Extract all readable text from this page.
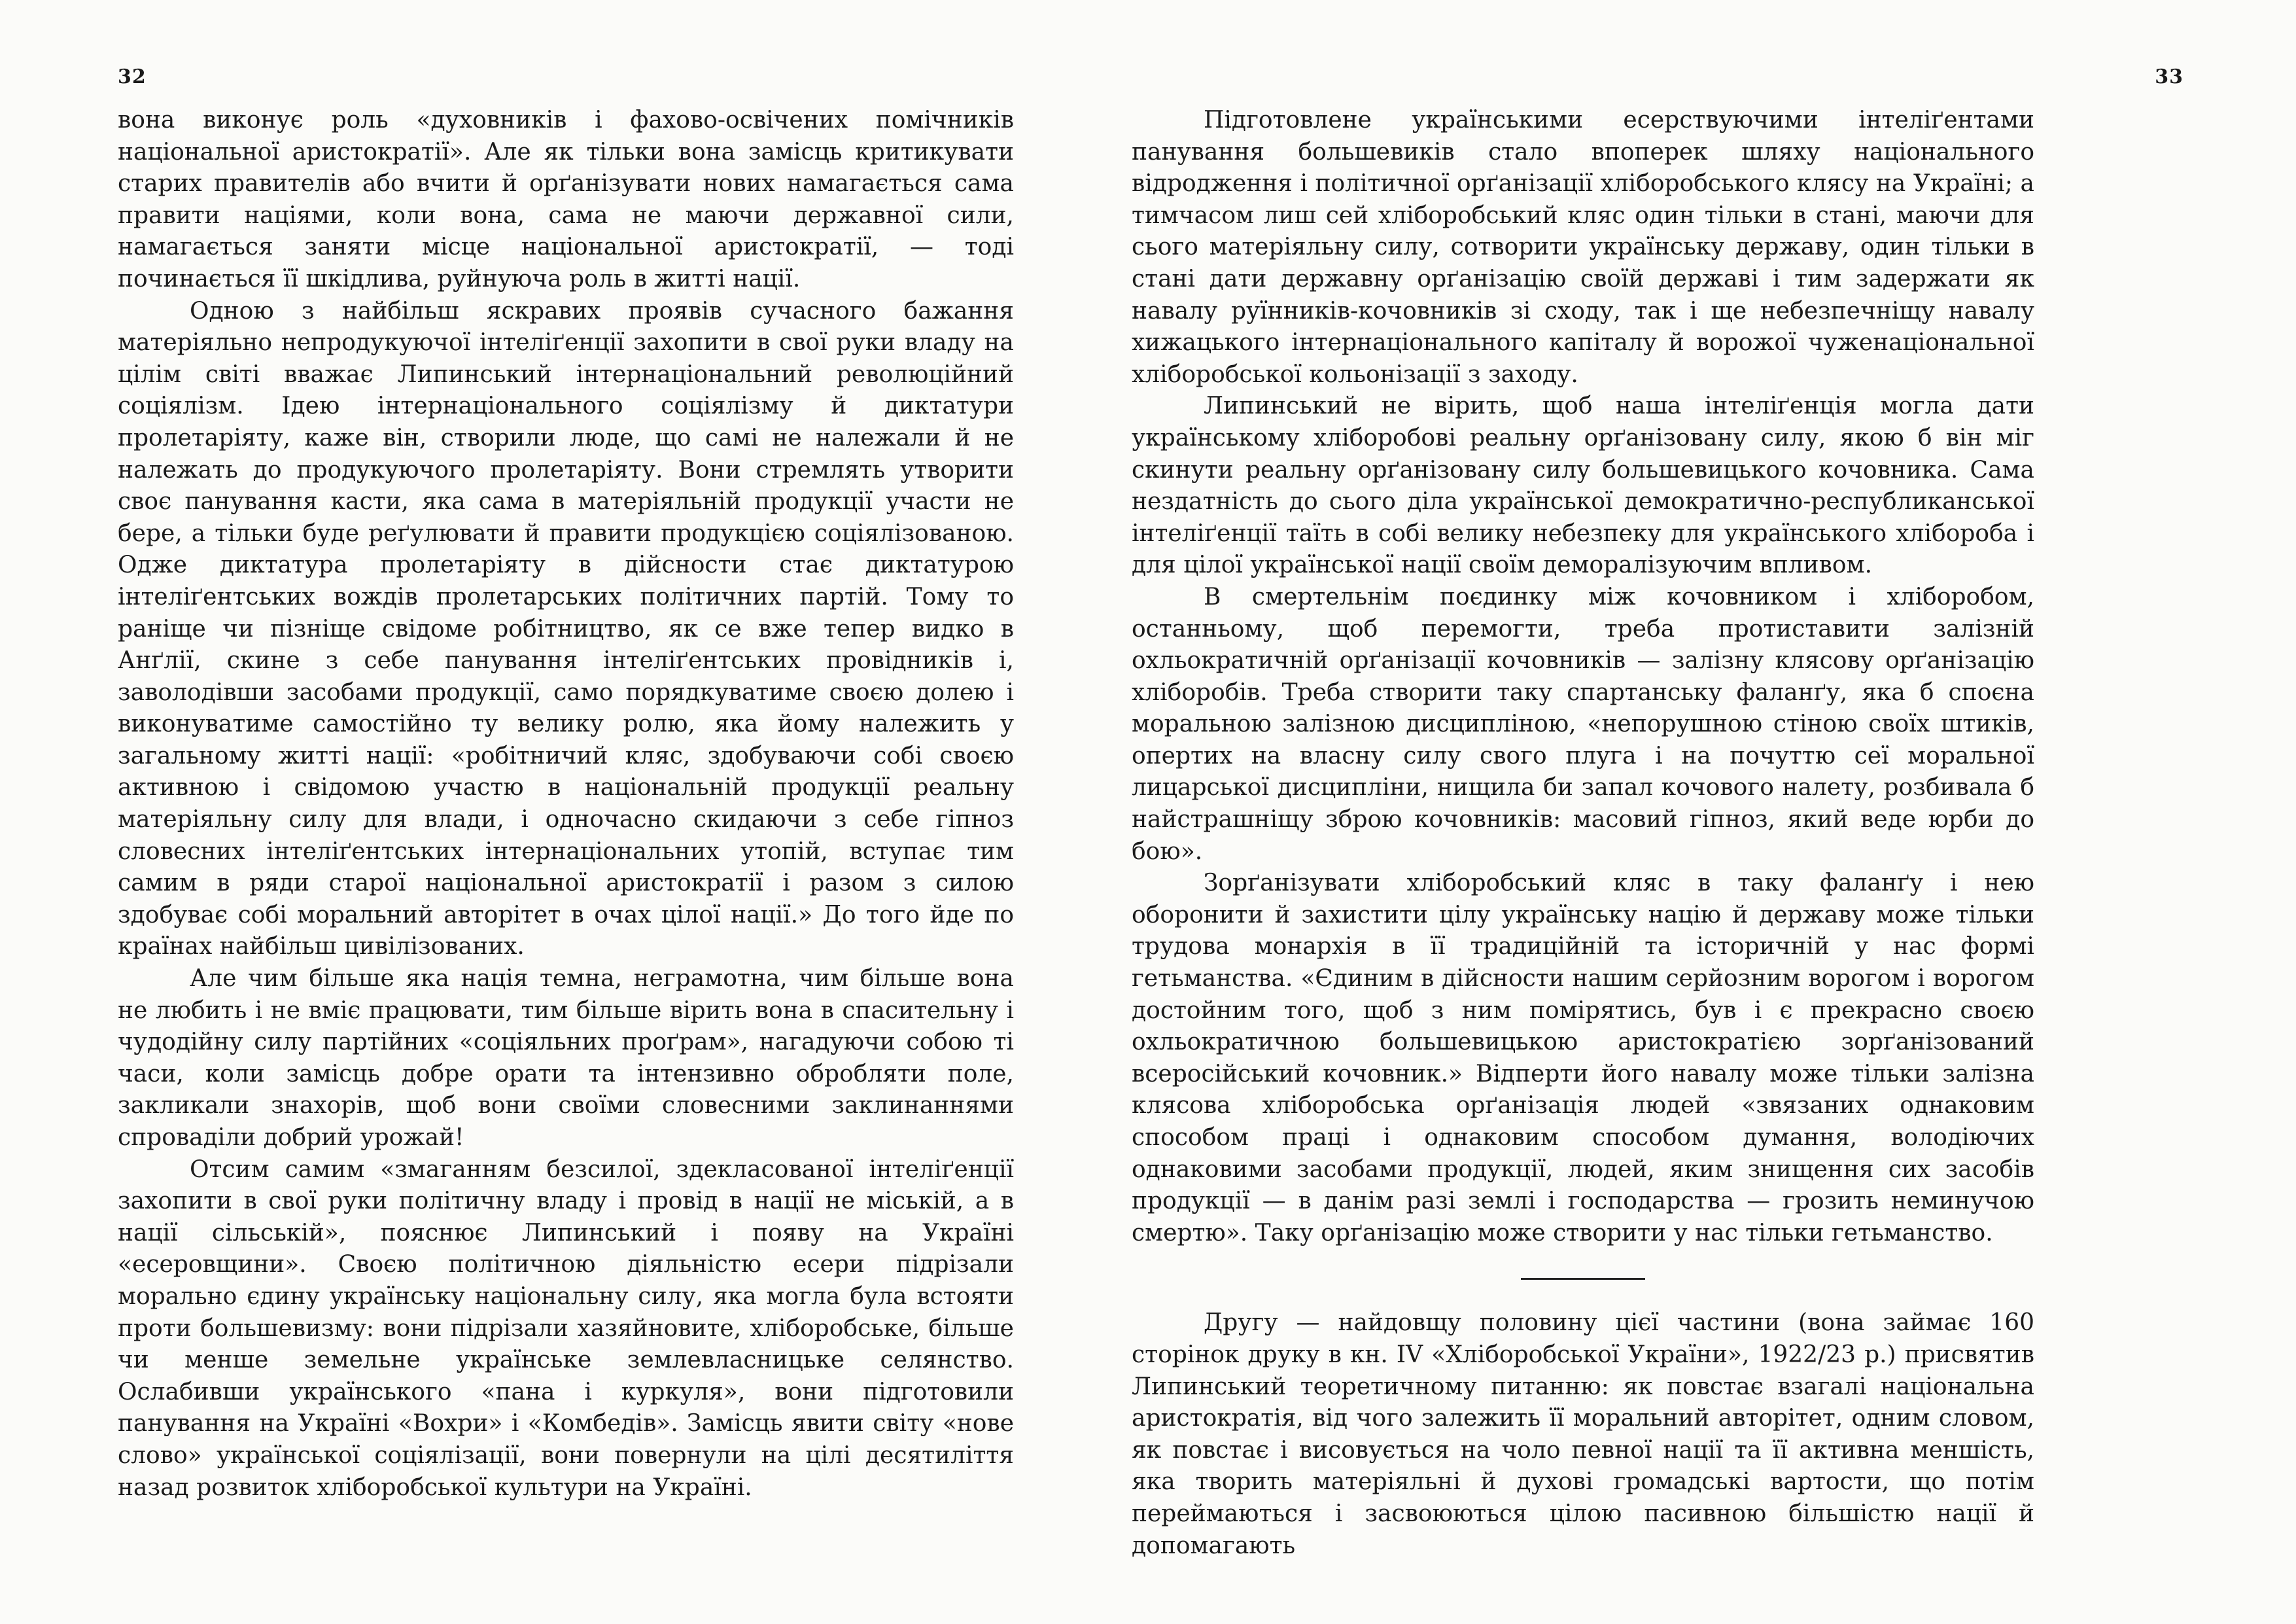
32

вона виконує роль «духовників і фахово-освічених помічників національної аристократії». Але як тільки вона замісць критикувати старих правителів або вчити й орґанізувати нових намагається сама правити націями, коли вона, сама не маючи державної сили, намагається заняти місце національної аристократії, — тоді починається її шкідлива, руйнуюча роль в житті нації.

Одною з найбільш яскравих проявів сучасного бажання матеріяльно непродукуючої інтеліґенції захопити в свої руки владу на цілім світі вважає Липинський інтернаціональний революційний соціялізм. Ідею інтернаціонального соціялізму й диктатури пролетаріяту, каже він, створили люде, що самі не належали й не належать до продукуючого пролетаріяту. Вони стремлять утворити своє панування касти, яка сама в матеріяльній продукції участи не бере, а тільки буде реґулювати й правити продукцією соціялізованою. Одже диктатура пролетаріяту в дійсности стає диктатурою інтеліґентських вождів пролетарських політичних партій. Тому то раніще чи пізніще свідоме робітництво, як се вже тепер видко в Анґлії, скине з себе панування інтеліґентських провідників і, заволодівши засобами продукції, само порядкуватиме своєю долею і виконуватиме самостійно ту велику ролю, яка йому належить у загальному житті нації: «робітничий кляс, здобуваючи собі своєю активною і свідомою участю в національній продукції реальну матеріяльну силу для влади, і одночасно скидаючи з себе гіпноз словесних інтеліґентських інтернаціональних утопій, вступає тим самим в ряди старої національної аристократії і разом з силою здобуває собі моральний авторітет в очах цілої нації.» До того йде по країнах найбільш цивілізованих.

Але чим більше яка нація темна, неграмотна, чим більше вона не любить і не вміє працювати, тим більше вірить вона в спасительну і чудодійну силу партійних «соціяльних проґрам», нагадуючи собою ті часи, коли замісць добре орати та інтензивно обробляти поле, закликали знахорів, щоб вони своїми словесними заклинаннями спроваділи добрий урожай!

Отсим самим «змаганням безсилої, здекласованої інтеліґенції захопити в свої руки політичну владу і провід в нації не міській, а в нації сільській», пояснює Липинський і появу на Україні «есеровщини». Своєю політичною діяльністю есери підрізали морально єдину українську національну силу, яка могла була встояти проти большевизму: вони підрізали хазяйновите, хліборобське, більше чи менше земельне українське землевласницьке селянство. Ослабивши українського «пана і куркуля», вони підготовили панування на Україні «Вохри» і «Комбедів». Замісць явити світу «нове слово» української соціялізації, вони повернули на цілі десятиліття назад розвиток хліборобської культури на Україні.

33

Підготовлене українськими есерствуючими інтеліґентами панування большевиків стало впоперек шляху національного відродження і політичної орґанізації хліборобського кляcу на Україні; а тимчасом лиш сей хліборобський кляс один тільки в стані, маючи для сього матеріяльну силу, сотворити українську державу, один тільки в стані дати державну орґанізацію своїй державі і тим задержати як навалу руїнників-кочовників зі сходу, так і ще небезпечніщу навалу хижацького інтернаціонального капіталу й ворожої чуженаціональної хліборобської кольонізації з заходу.

Липинський не вірить, щоб наша інтеліґенція могла дати українському хліборобові реальну орґанізовану силу, якою б він міг скинути реальну орґанізовану силу большевицького кочовника. Сама нездатність до сього діла української демократично-республиканської інтеліґенції таїть в собі велику небезпеку для українського хлібороба і для цілої української нації своїм деморалізуючим впливом.

В смертельнім поєдинку між кочовником і хліборобом, останньому, щоб перемогти, треба протиставити залізній охльократичній орґанізації кочовників — залізну клясову орґанізацію хліборобів. Треба створити таку спартанську фаланґу, яка б споєна моральною залізною дисципліною, «непорушною стіною своїх штиків, опертих на власну силу свого плуга і на почуттю сеї моральної лицарської дисципліни, нищила би запал кочового налету, розбивала б найстрашніщу зброю кочовників: масовий гіпноз, який веде юрби до бою».

Зорґанізувати хліборобський кляс в таку фаланґу і нею оборонити й захистити цілу українську націю й державу може тільки трудова монархія в її традиційній та історичній у нас формі гетьманства. «Єдиним в дійсности нашим серйозним ворогом і ворогом достойним того, щоб з ним помірятись, був і є прекрасно своєю охльократичною большевицькою аристократією зорґанізований всеросійський кочовник.» Відперти його навалу може тільки залізна клясова хліборобська орґанізація людей «звязаних однаковим способом праці і однаковим способом думання, володіючих однаковими засобами продукції, людей, яким знищення сих засобів продукції — в данім разі землі і господарства — грозить неминучою смертю». Таку орґанізацію може створити у нас тільки гетьманство.

Другу — найдовщу половину цієї частини (вона займає 160 сторінок друку в кн. IV «Хліборобської України», 1922/23 р.) присвятив Липинський теоретичному питанню: як повстає взагалі національна аристократія, від чого залежить її моральний авторітет, одним словом, як повстає і висовується на чоло певної нації та її активна меншість, яка творить матеріяльні й духові громадські вартости, що потім переймаються і засвоюються цілою пасивною більшістю нації й допомагають
